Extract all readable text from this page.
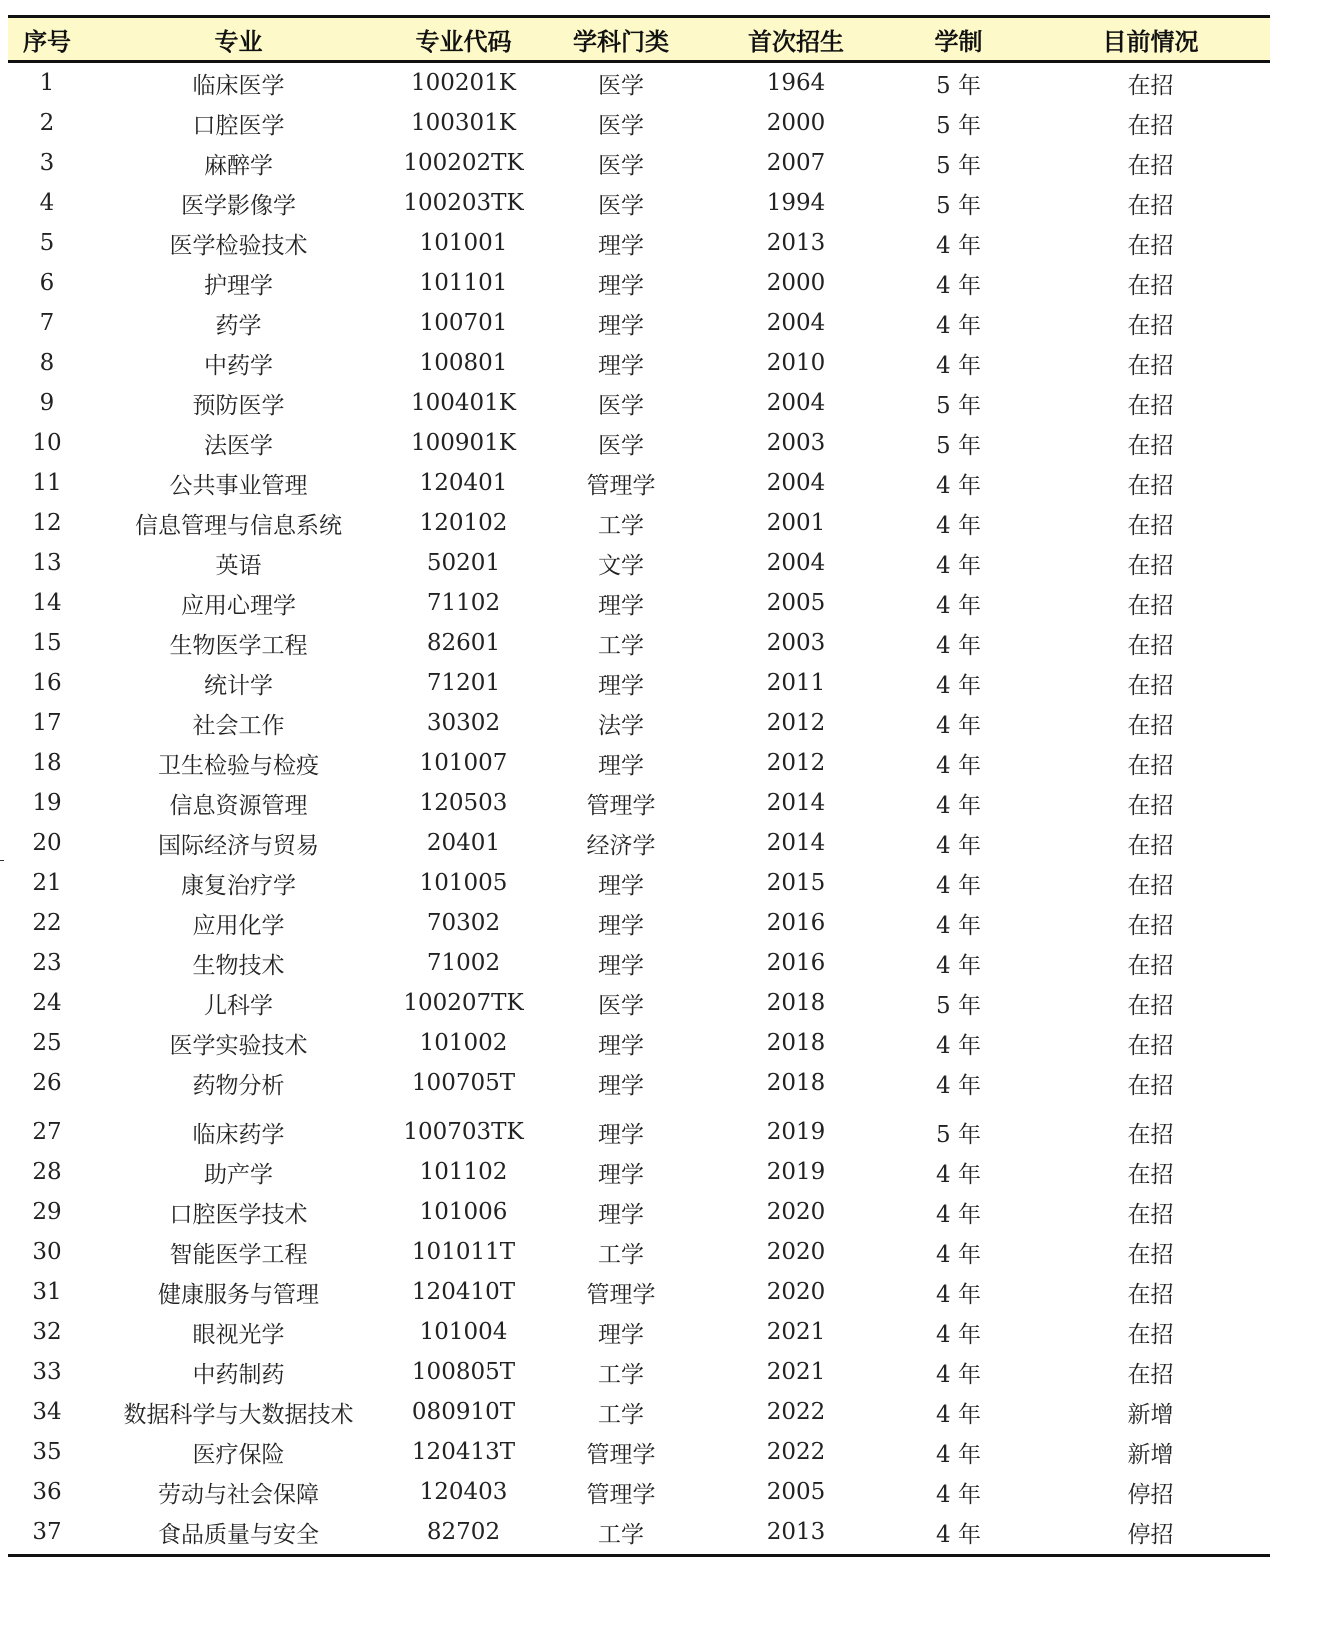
序号	专业	专业代码	学科门类	首次招生	学制	目前情况
1	临床医学	100201K	医学	1964	5 年	在招
2	口腔医学	100301K	医学	2000	5 年	在招
3	麻醉学	100202TK	医学	2007	5 年	在招
4	医学影像学	100203TK	医学	1994	5 年	在招
5	医学检验技术	101001	理学	2013	4 年	在招
6	护理学	101101	理学	2000	4 年	在招
7	药学	100701	理学	2004	4 年	在招
8	中药学	100801	理学	2010	4 年	在招
9	预防医学	100401K	医学	2004	5 年	在招
10	法医学	100901K	医学	2003	5 年	在招
11	公共事业管理	120401	管理学	2004	4 年	在招
12	信息管理与信息系统	120102	工学	2001	4 年	在招
13	英语	50201	文学	2004	4 年	在招
14	应用心理学	71102	理学	2005	4 年	在招
15	生物医学工程	82601	工学	2003	4 年	在招
16	统计学	71201	理学	2011	4 年	在招
17	社会工作	30302	法学	2012	4 年	在招
18	卫生检验与检疫	101007	理学	2012	4 年	在招
19	信息资源管理	120503	管理学	2014	4 年	在招
20	国际经济与贸易	20401	经济学	2014	4 年	在招
21	康复治疗学	101005	理学	2015	4 年	在招
22	应用化学	70302	理学	2016	4 年	在招
23	生物技术	71002	理学	2016	4 年	在招
24	儿科学	100207TK	医学	2018	5 年	在招
25	医学实验技术	101002	理学	2018	4 年	在招
26	药物分析	100705T	理学	2018	4 年	在招
27	临床药学	100703TK	理学	2019	5 年	在招
28	助产学	101102	理学	2019	4 年	在招
29	口腔医学技术	101006	理学	2020	4 年	在招
30	智能医学工程	101011T	工学	2020	4 年	在招
31	健康服务与管理	120410T	管理学	2020	4 年	在招
32	眼视光学	101004	理学	2021	4 年	在招
33	中药制药	100805T	工学	2021	4 年	在招
34	数据科学与大数据技术	080910T	工学	2022	4 年	新增
35	医疗保险	120413T	管理学	2022	4 年	新增
36	劳动与社会保障	120403	管理学	2005	4 年	停招
37	食品质量与安全	82702	工学	2013	4 年	停招
